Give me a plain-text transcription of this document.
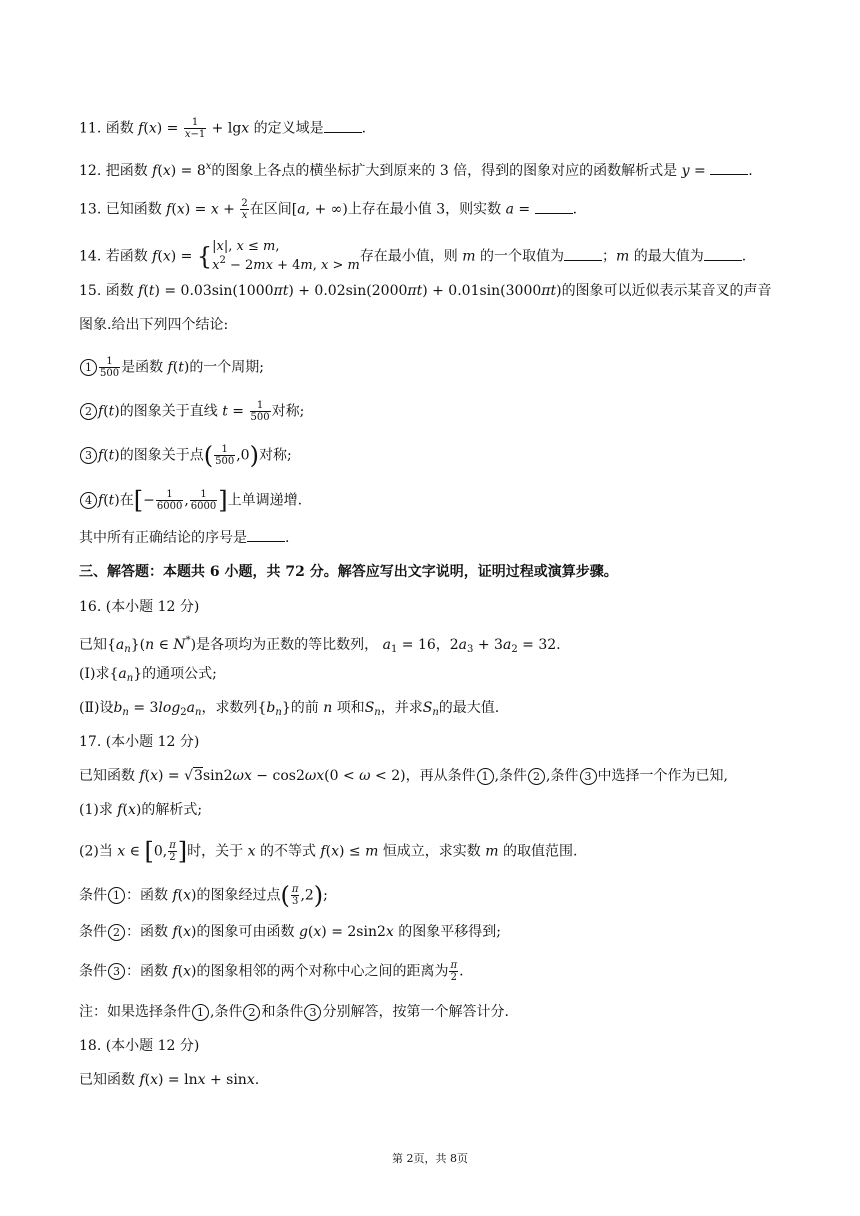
11. 函数 $f(x) = \frac{1}{x-1} + \lg x$ 的定义域是	.
12. 把函数 $f(x) = 8^x$的图象上各点的横坐标扩大到原来的 3 倍，得到的图象对应的函数解析式是 y =	.
13. 已知函数 $f(x) = x + \frac{2}{x}$ 在区间[a, + ∞)上存在最小值 3，则实数 a =	.
14. 若函数 f(x) = {|x|, x ≤ m,
$x^2 - 2mx + 4m$, x > m存在最小值，则 m 的一个取值为	；m 的最大值为	.
15. 函数 f(t) = 0.03sin(1000πt) + 0.02sin(2000πt) + 0.01sin(3000πt)的图象可以近似表示某音叉的声音
图象.给出下列四个结论:
$1 \frac{1}{500}$ 是函数 f(t)的一个周期;
2 f(t)的图象关于直线 $t = \frac{1}{500}$ 对称;
3 f(t)的图象关于点( $\frac{1}{500} ,0$)对称;
4 f(t)在[− $\frac{1}{6000}$ , $\frac{1}{6000}$ ]上单调递增.
其中所有正确结论的序号是	.
三、解答题：本题共 6 小题，共 72 分。解答应写出文字说明，证明过程或演算步骤。
16. (本小题 12 分)
已知$\{a_n\}(n$ ∈ N*)是各项均为正数的等比数列， $a_1 = 16$，$2a_3 + 3a_2 = 32$.
(Ⅰ)求$\{a_n\}$的通项公式;
(Ⅱ)设$b_n = 3\log_2a_n$，求数列$\{b_n\}$的前 n 项和$S_n$，并求$S_n$的最大值.
17. (本小题 12 分)
已知函数 f(x) = √3sin2ωx − cos2ωx(0 < ω < 2)，再从条件 1 ,条件 2 ,条件 3 中选择一个作为已知,
(1)求 f(x)的解析式;
(2)当 x ∈ [0, $\frac{\pi}{2}$ ]时，关于 x 的不等式 f(x) ≤ m 恒成立，求实数 m 的取值范围.
条件 1 ：函数 f(x)的图象经过点( $\frac{\pi}{3} ,2$);
条件 2 ：函数 f(x)的图象可由函数 g(x) = 2sin2x 的图象平移得到;
条件 3 ：函数 f(x)的图象相邻的两个对称中心之间的距离为 $\frac{\pi}{2}$ .
注：如果选择条件 1 ,条件 2 和条件 3 分别解答，按第一个解答计分.
18. (本小题 12 分)
已知函数 f(x) = lnx + sinx.
第 2页，共 8页
